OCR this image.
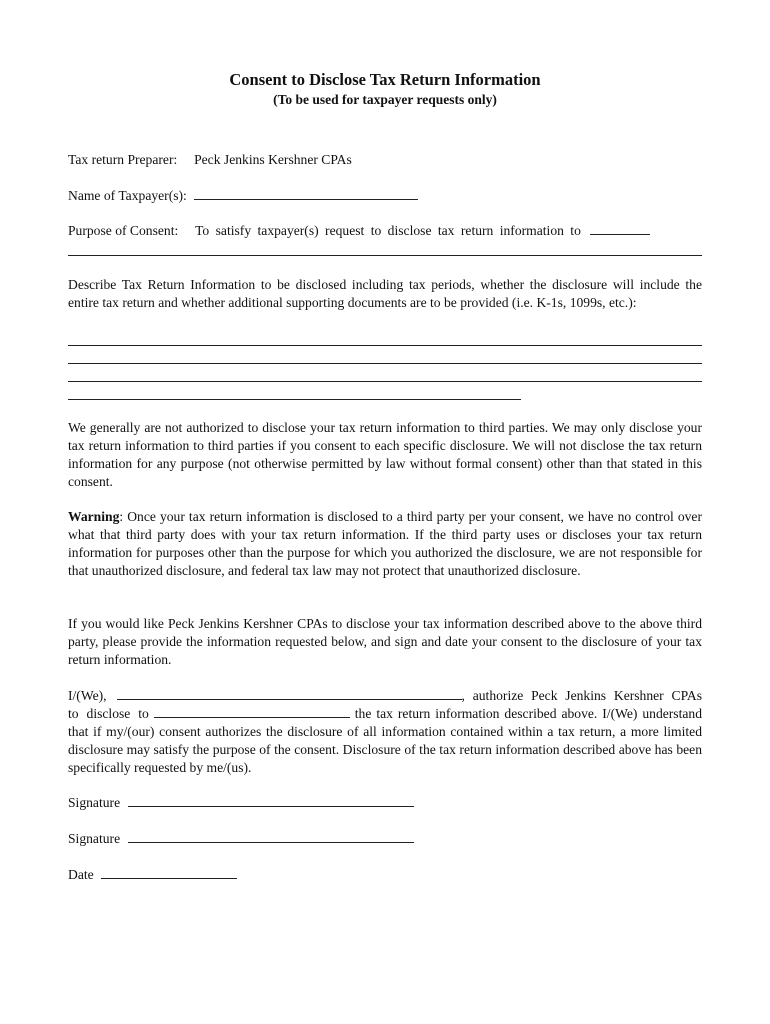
Consent to Disclose Tax Return Information
(To be used for taxpayer requests only)
Tax return Preparer: Peck Jenkins Kershner CPAs
Name of Taxpayer(s):
Purpose of Consent: To satisfy taxpayer(s) request to disclose tax return information to
Describe Tax Return Information to be disclosed including tax periods, whether the disclosure will include the entire tax return and whether additional supporting documents are to be provided (i.e. K-1s, 1099s, etc.):
We generally are not authorized to disclose your tax return information to third parties. We may only disclose your tax return information to third parties if you consent to each specific disclosure. We will not disclose the tax return information for any purpose (not otherwise permitted by law without formal consent) other than that stated in this consent.
Warning: Once your tax return information is disclosed to a third party per your consent, we have no control over what that third party does with your tax return information. If the third party uses or discloses your tax return information for purposes other than the purpose for which you authorized the disclosure, we are not responsible for that unauthorized disclosure, and federal tax law may not protect that unauthorized disclosure.
If you would like Peck Jenkins Kershner CPAs to disclose your tax information described above to the above third party, please provide the information requested below, and sign and date your consent to the disclosure of your tax return information.
I/(We),	, authorize Peck Jenkins Kershner CPAs to disclose to	the tax return information described above. I/(We) understand that if my/(our) consent authorizes the disclosure of all information contained within a tax return, a more limited disclosure may satisfy the purpose of the consent. Disclosure of the tax return information described above has been specifically requested by me/(us).
Signature
Signature
Date
